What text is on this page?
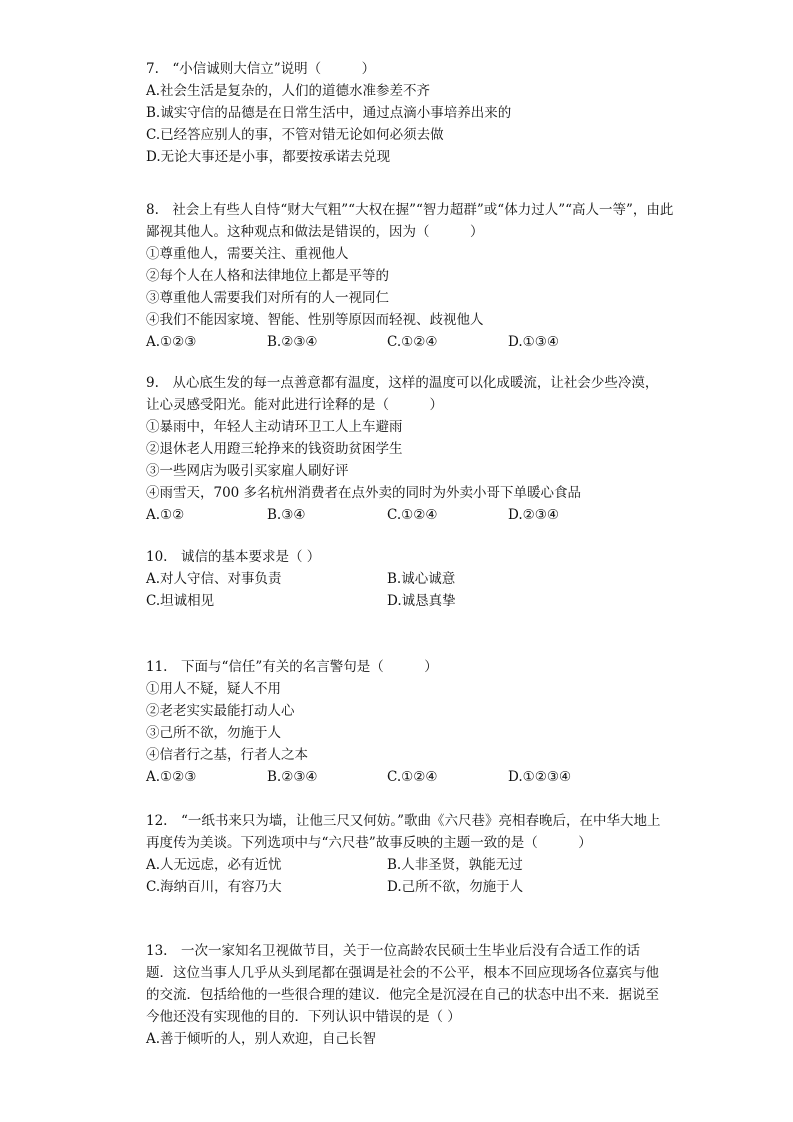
7.　“小信诚则大信立”说明（　　　）
A.社会生活是复杂的，人们的道德水准参差不齐
B.诚实守信的品德是在日常生活中，通过点滴小事培养出来的
C.已经答应别人的事，不管对错无论如何必须去做
D.无论大事还是小事，都要按承诺去兑现
8.　社会上有些人自恃“财大气粗”“大权在握”“智力超群”或“体力过人”“高人一等”，由此
鄙视其他人。这种观点和做法是错误的，因为（　　　）
①尊重他人，需要关注、重视他人
②每个人在人格和法律地位上都是平等的
③尊重他人需要我们对所有的人一视同仁
④我们不能因家境、智能、性别等原因而轻视、歧视他人
A.①②③	B.②③④	C.①②④	D.①③④
9.　从心底生发的每一点善意都有温度，这样的温度可以化成暖流，让社会少些冷漠，
让心灵感受阳光。能对此进行诠释的是（　　　）
①暴雨中，年轻人主动请环卫工人上车避雨
②退休老人用蹬三轮挣来的钱资助贫困学生
③一些网店为吸引买家雇人刷好评
④雨雪天，700 多名杭州消费者在点外卖的同时为外卖小哥下单暖心食品
A.①②	B.③④	C.①②④	D.②③④
10.　诚信的基本要求是（ ）
A.对人守信、对事负责	B.诚心诚意
C.坦诚相见	D.诚恳真挚
11.　下面与“信任”有关的名言警句是（　　　）
①用人不疑，疑人不用
②老老实实最能打动人心
③己所不欲，勿施于人
④信者行之基，行者人之本
A.①②③	B.②③④	C.①②④	D.①②③④
12.　“一纸书来只为墙，让他三尺又何妨。”歌曲《六尺巷》亮相春晚后，在中华大地上
再度传为美谈。下列选项中与“六尺巷”故事反映的主题一致的是（　　　）
A.人无远虑，必有近忧	B.人非圣贤，孰能无过
C.海纳百川，有容乃大	D.己所不欲，勿施于人
13.　一次一家知名卫视做节目，关于一位高龄农民硕士生毕业后没有合适工作的话
题．这位当事人几乎从头到尾都在强调是社会的不公平，根本不回应现场各位嘉宾与他
的交流．包括给他的一些很合理的建议．他完全是沉浸在自己的状态中出不来．据说至
今他还没有实现他的目的．下列认识中错误的是（ ）
A.善于倾听的人，别人欢迎，自己长智
